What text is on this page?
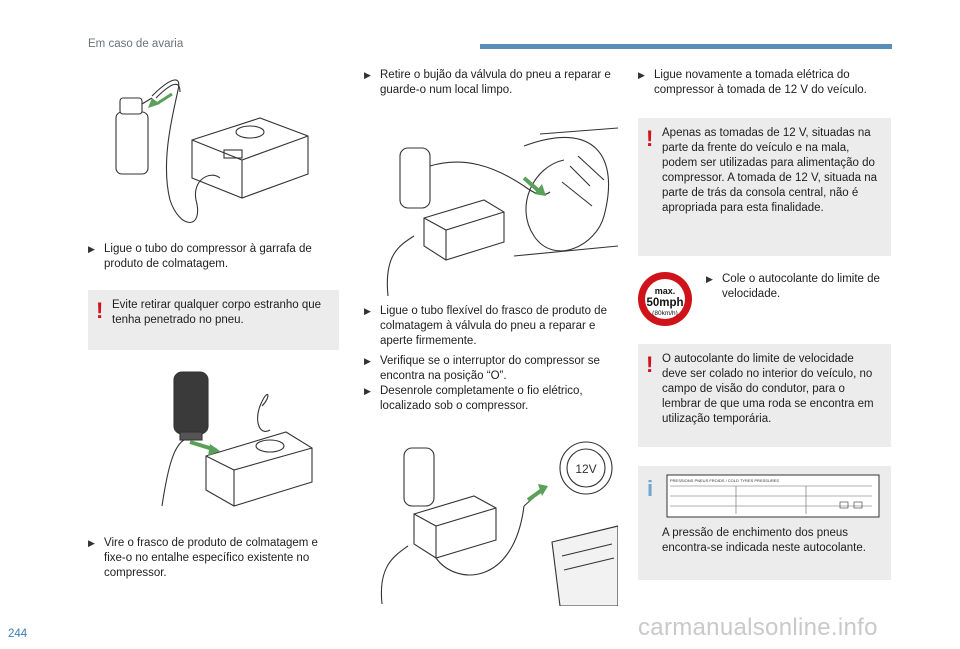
Em caso de avaria
▶ Ligue o tubo do compressor à garrafa de produto de colmatagem.
! Evite retirar qualquer corpo estranho que tenha penetrado no pneu.
▶ Vire o frasco de produto de colmatagem e fixe-o no entalhe específico existente no compressor.
▶ Retire o bujão da válvula do pneu a reparar e guarde-o num local limpo.
▶ Ligue o tubo flexível do frasco de produto de colmatagem à válvula do pneu a reparar e aperte firmemente.
▶ Verifique se o interruptor do compressor se encontra na posição “O”.
▶ Desenrole completamente o fio elétrico, localizado sob o compressor.
12V
▶ Ligue novamente a tomada elétrica do compressor à tomada de 12 V do veículo.
! Apenas as tomadas de 12 V, situadas na parte da frente do veículo e na mala, podem ser utilizadas para alimentação do compressor. A tomada de 12 V, situada na parte de trás da consola central, não é apropriada para esta finalidade.
max.
50mph
(80km/h)
▶ Cole o autocolante do limite de velocidade.
! O autocolante do limite de velocidade deve ser colado no interior do veículo, no campo de visão do condutor, para o lembrar de que uma roda se encontra em utilização temporária.
i	PRESSIONS PNEUS FROIDS / COLD TYRES PRESSURES
A pressão de enchimento dos pneus encontra-se indicada neste autocolante.
244	carmanualsonline.info
